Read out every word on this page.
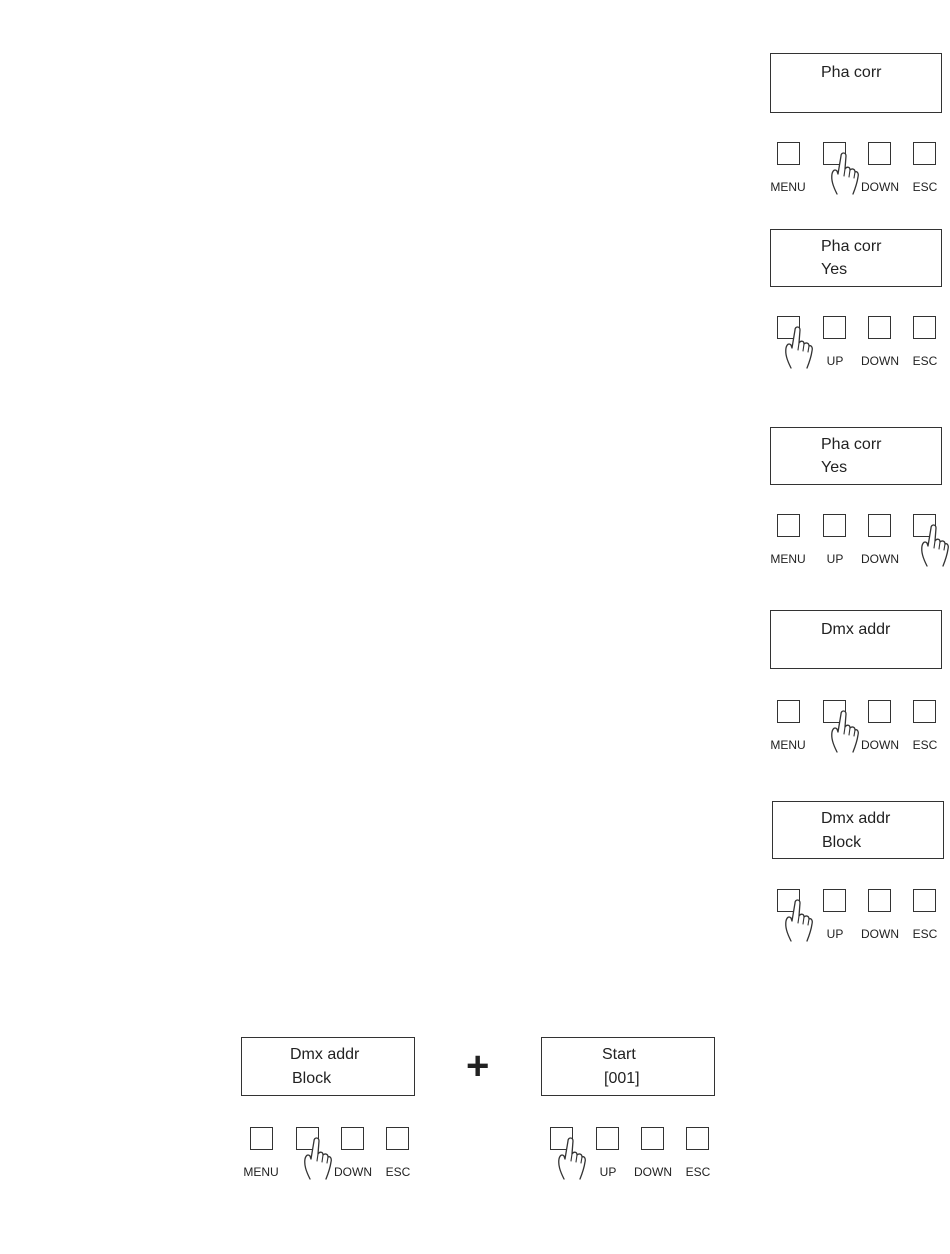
Pha corr
MENU	DOWN ESC
Pha corr
Yes
UP DOWN ESC
Pha corr
Yes
MENU UP DOWN
Dmx addr
MENU	DOWN ESC
Dmx addr
Block
UP DOWN ESC
Dmx addr
Block
MENU	DOWN ESC
+	Start
[001]
UP DOWN ESC
